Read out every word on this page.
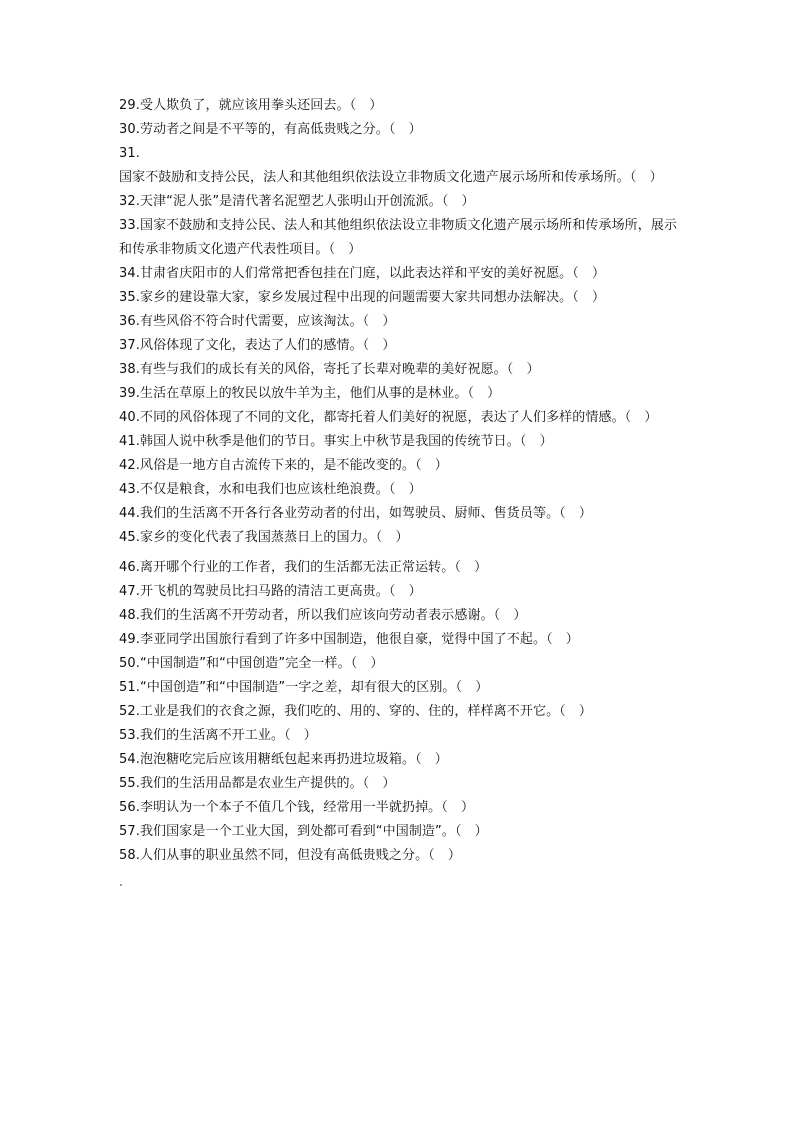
29.受人欺负了，就应该用拳头还回去。（　）

30.劳动者之间是不平等的，有高低贵贱之分。（　）

31.国家不鼓励和支持公民，法人和其他组织依法设立非物质文化遗产展示场所和传承场所。（　）

32.天津“泥人张”是清代著名泥塑艺人张明山开创流派。（　）

33.国家不鼓励和支持公民、法人和其他组织依法设立非物质文化遗产展示场所和传承场所，展示和传承非物质文化遗产代表性项目。（　）

34.甘肃省庆阳市的人们常常把香包挂在门庭，以此表达祥和平安的美好祝愿。（　）

35.家乡的建设靠大家，家乡发展过程中出现的问题需要大家共同想办法解决。（　）

36.有些风俗不符合时代需要，应该淘汰。（　）

37.风俗体现了文化，表达了人们的感情。（　）

38.有些与我们的成长有关的风俗，寄托了长辈对晚辈的美好祝愿。（　）

39.生活在草原上的牧民以放牛羊为主，他们从事的是林业。（　）

40.不同的风俗体现了不同的文化，都寄托着人们美好的祝愿，表达了人们多样的情感。（　）

41.韩国人说中秋季是他们的节日。事实上中秋节是我国的传统节日。（　）

42.风俗是一地方自古流传下来的，是不能改变的。（　）

43.不仅是粮食，水和电我们也应该杜绝浪费。（　）

44.我们的生活离不开各行各业劳动者的付出，如驾驶员、厨师、售货员等。（　）

45.家乡的变化代表了我国蒸蒸日上的国力。（　）

46.离开哪个行业的工作者，我们的生活都无法正常运转。（　）

47.开飞机的驾驶员比扫马路的清洁工更高贵。（　）

48.我们的生活离不开劳动者，所以我们应该向劳动者表示感谢。（　）

49.李亚同学出国旅行看到了许多中国制造，他很自豪，觉得中国了不起。（　）

50.“中国制造”和“中国创造”完全一样。（　）

51.“中国创造”和“中国制造”一字之差，却有很大的区别。（　）

52.工业是我们的衣食之源，我们吃的、用的、穿的、住的，样样离不开它。（　）

53.我们的生活离不开工业。（　）

54.泡泡糖吃完后应该用糖纸包起来再扔进垃圾箱。（　）

55.我们的生活用品都是农业生产提供的。（　）

56.李明认为一个本子不值几个钱，经常用一半就扔掉。（　）

57.我们国家是一个工业大国，到处都可看到“中国制造”。（　）

58.人们从事的职业虽然不同，但没有高低贵贱之分。（　）
